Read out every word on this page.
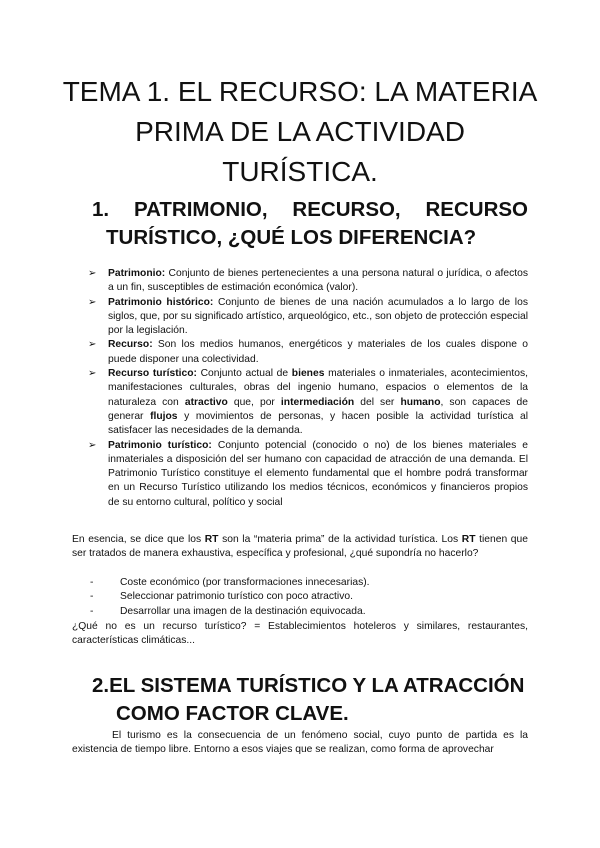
TEMA 1. EL RECURSO: LA MATERIA
PRIMA DE LA ACTIVIDAD
TURÍSTICA.
1. PATRIMONIO, RECURSO, RECURSO
TURÍSTICO, ¿QUÉ LOS DIFERENCIA?
➢ Patrimonio: Conjunto de bienes pertenecientes a una persona natural o jurídica, o afectos a un fin, susceptibles de estimación económica (valor).
➢ Patrimonio histórico: Conjunto de bienes de una nación acumulados a lo largo de los siglos, que, por su significado artístico, arqueológico, etc., son objeto de protección especial por la legislación.
➢ Recurso: Son los medios humanos, energéticos y materiales de los cuales dispone o puede disponer una colectividad.
➢ Recurso turístico: Conjunto actual de bienes materiales o inmateriales, acontecimientos, manifestaciones culturales, obras del ingenio humano, espacios o elementos de la naturaleza con atractivo que, por intermediación del ser humano, son capaces de generar flujos y movimientos de personas, y hacen posible la actividad turística al satisfacer las necesidades de la demanda.
➢ Patrimonio turístico: Conjunto potencial (conocido o no) de los bienes materiales e inmateriales a disposición del ser humano con capacidad de atracción de una demanda. El Patrimonio Turístico constituye el elemento fundamental que el hombre podrá transformar en un Recurso Turístico utilizando los medios técnicos, económicos y financieros propios de su entorno cultural, político y social

En esencia, se dice que los RT son la “materia prima” de la actividad turística. Los RT tienen que ser tratados de manera exhaustiva, específica y profesional, ¿qué supondría no hacerlo?

- Coste económico (por transformaciones innecesarias).
- Seleccionar patrimonio turístico con poco atractivo.
- Desarrollar una imagen de la destinación equivocada.

¿Qué no es un recurso turístico? = Establecimientos hoteleros y similares, restaurantes, características climáticas...

2.EL SISTEMA TURÍSTICO Y LA ATRACCIÓN
COMO FACTOR CLAVE.

El turismo es la consecuencia de un fenómeno social, cuyo punto de partida es la existencia de tiempo libre. Entorno a esos viajes que se realizan, como forma de aprovechar
